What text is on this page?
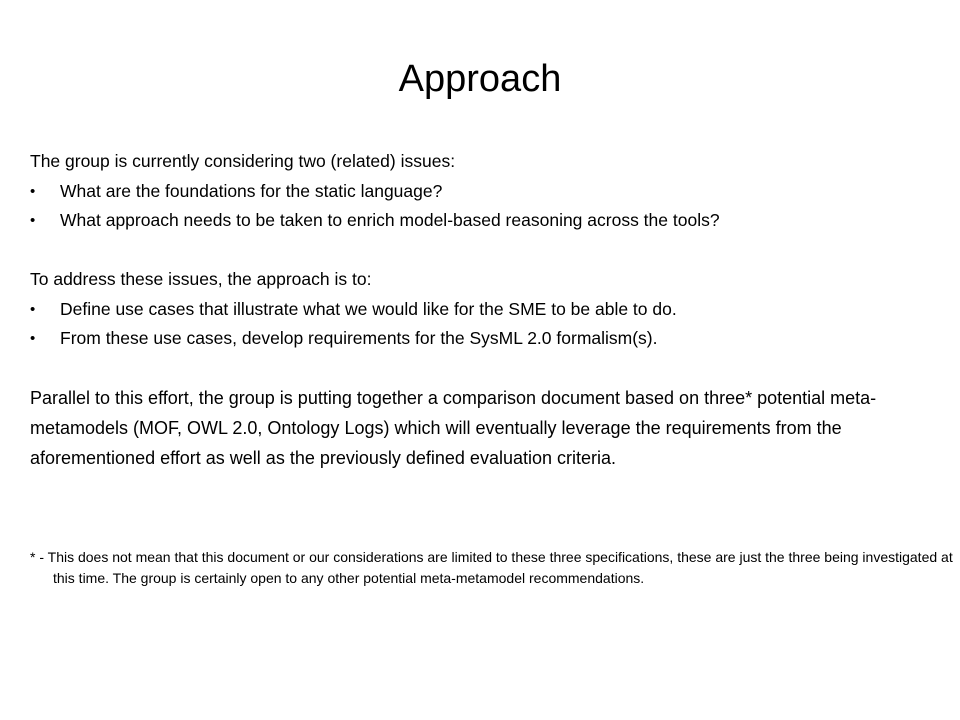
Approach

The group is currently considering two (related) issues:

•	What are the foundations for the static language?
•	What approach needs to be taken to enrich model-based reasoning across the tools?

To address these issues, the approach is to:

•	Define use cases that illustrate what we would like for the SME to be able to do.
•	From these use cases, develop requirements for the SysML 2.0 formalism(s).

Parallel to this effort, the group is putting together a comparison document based on three* potential meta-metamodels (MOF, OWL 2.0, Ontology Logs) which will eventually leverage the requirements from the aforementioned effort as well as the previously defined evaluation criteria.

* - This does not mean that this document or our considerations are limited to these three specifications, these are just the three being investigated at this time. The group is certainly open to any other potential meta-metamodel recommendations.
